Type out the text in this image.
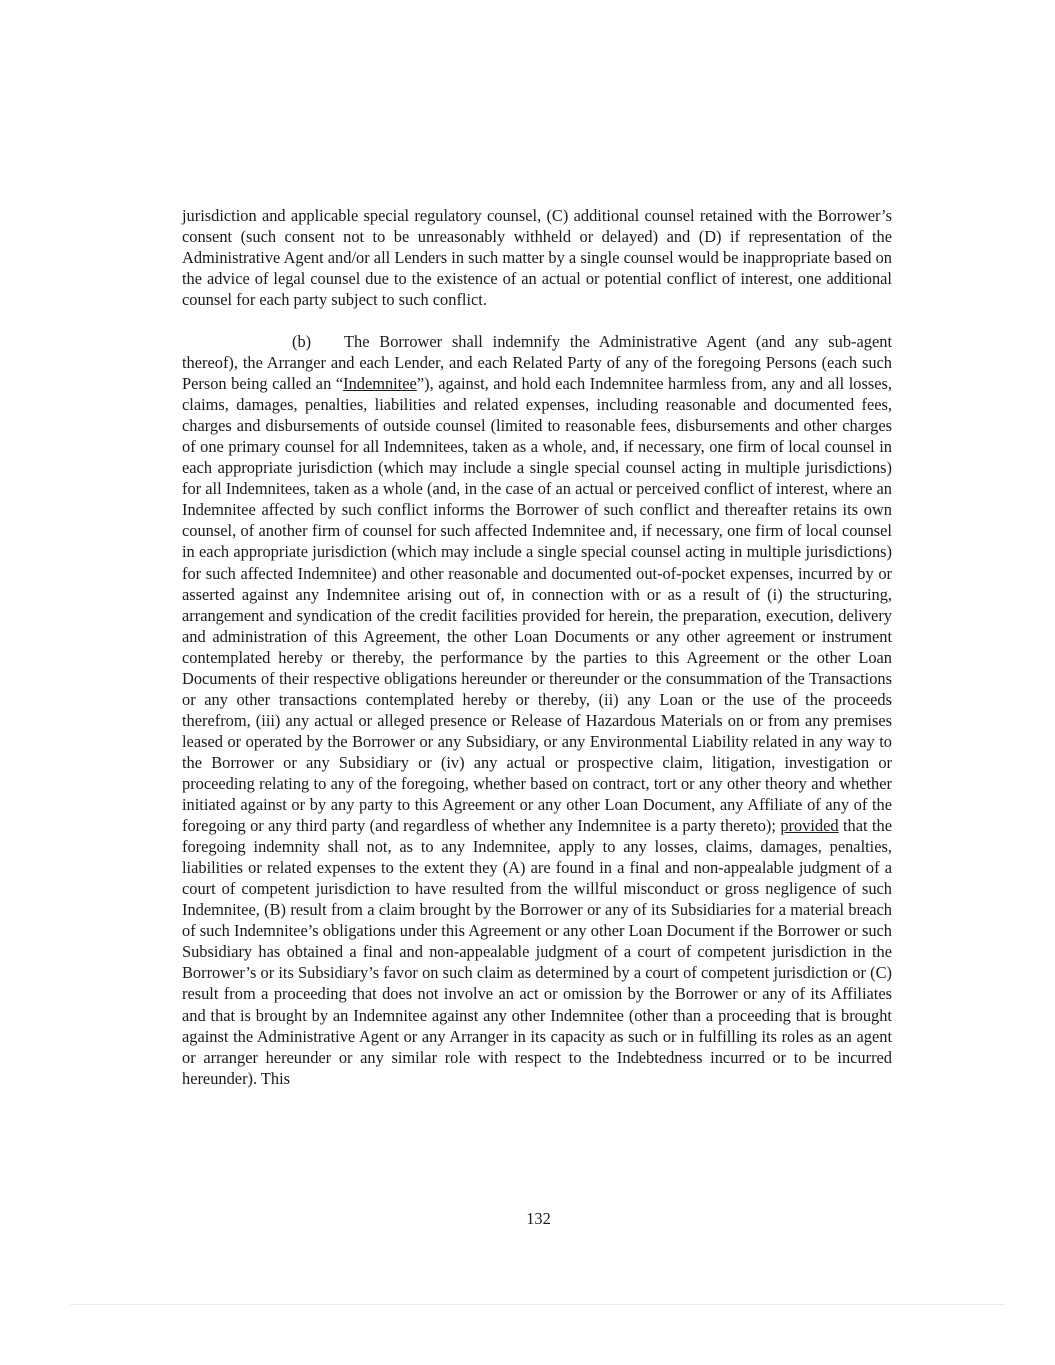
jurisdiction and applicable special regulatory counsel, (C) additional counsel retained with the Borrower’s consent (such consent not to be unreasonably withheld or delayed) and (D) if representation of the Administrative Agent and/or all Lenders in such matter by a single counsel would be inappropriate based on the advice of legal counsel due to the existence of an actual or potential conflict of interest, one additional counsel for each party subject to such conflict.

(b) The Borrower shall indemnify the Administrative Agent (and any sub-agent thereof), the Arranger and each Lender, and each Related Party of any of the foregoing Persons (each such Person being called an “Indemnitee”), against, and hold each Indemnitee harmless from, any and all losses, claims, damages, penalties, liabilities and related expenses, including reasonable and documented fees, charges and disbursements of outside counsel (limited to reasonable fees, disbursements and other charges of one primary counsel for all Indemnitees, taken as a whole, and, if necessary, one firm of local counsel in each appropriate jurisdiction (which may include a single special counsel acting in multiple jurisdictions) for all Indemnitees, taken as a whole (and, in the case of an actual or perceived conflict of interest, where an Indemnitee affected by such conflict informs the Borrower of such conflict and thereafter retains its own counsel, of another firm of counsel for such affected Indemnitee and, if necessary, one firm of local counsel in each appropriate jurisdiction (which may include a single special counsel acting in multiple jurisdictions) for such affected Indemnitee) and other reasonable and documented out-of-pocket expenses, incurred by or asserted against any Indemnitee arising out of, in connection with or as a result of (i) the structuring, arrangement and syndication of the credit facilities provided for herein, the preparation, execution, delivery and administration of this Agreement, the other Loan Documents or any other agreement or instrument contemplated hereby or thereby, the performance by the parties to this Agreement or the other Loan Documents of their respective obligations hereunder or thereunder or the consummation of the Transactions or any other transactions contemplated hereby or thereby, (ii) any Loan or the use of the proceeds therefrom, (iii) any actual or alleged presence or Release of Hazardous Materials on or from any premises leased or operated by the Borrower or any Subsidiary, or any Environmental Liability related in any way to the Borrower or any Subsidiary or (iv) any actual or prospective claim, litigation, investigation or proceeding relating to any of the foregoing, whether based on contract, tort or any other theory and whether initiated against or by any party to this Agreement or any other Loan Document, any Affiliate of any of the foregoing or any third party (and regardless of whether any Indemnitee is a party thereto); provided that the foregoing indemnity shall not, as to any Indemnitee, apply to any losses, claims, damages, penalties, liabilities or related expenses to the extent they (A) are found in a final and non-appealable judgment of a court of competent jurisdiction to have resulted from the willful misconduct or gross negligence of such Indemnitee, (B) result from a claim brought by the Borrower or any of its Subsidiaries for a material breach of such Indemnitee’s obligations under this Agreement or any other Loan Document if the Borrower or such Subsidiary has obtained a final and non-appealable judgment of a court of competent jurisdiction in the Borrower’s or its Subsidiary’s favor on such claim as determined by a court of competent jurisdiction or (C) result from a proceeding that does not involve an act or omission by the Borrower or any of its Affiliates and that is brought by an Indemnitee against any other Indemnitee (other than a proceeding that is brought against the Administrative Agent or any Arranger in its capacity as such or in fulfilling its roles as an agent or arranger hereunder or any similar role with respect to the Indebtedness incurred or to be incurred hereunder). This

132
